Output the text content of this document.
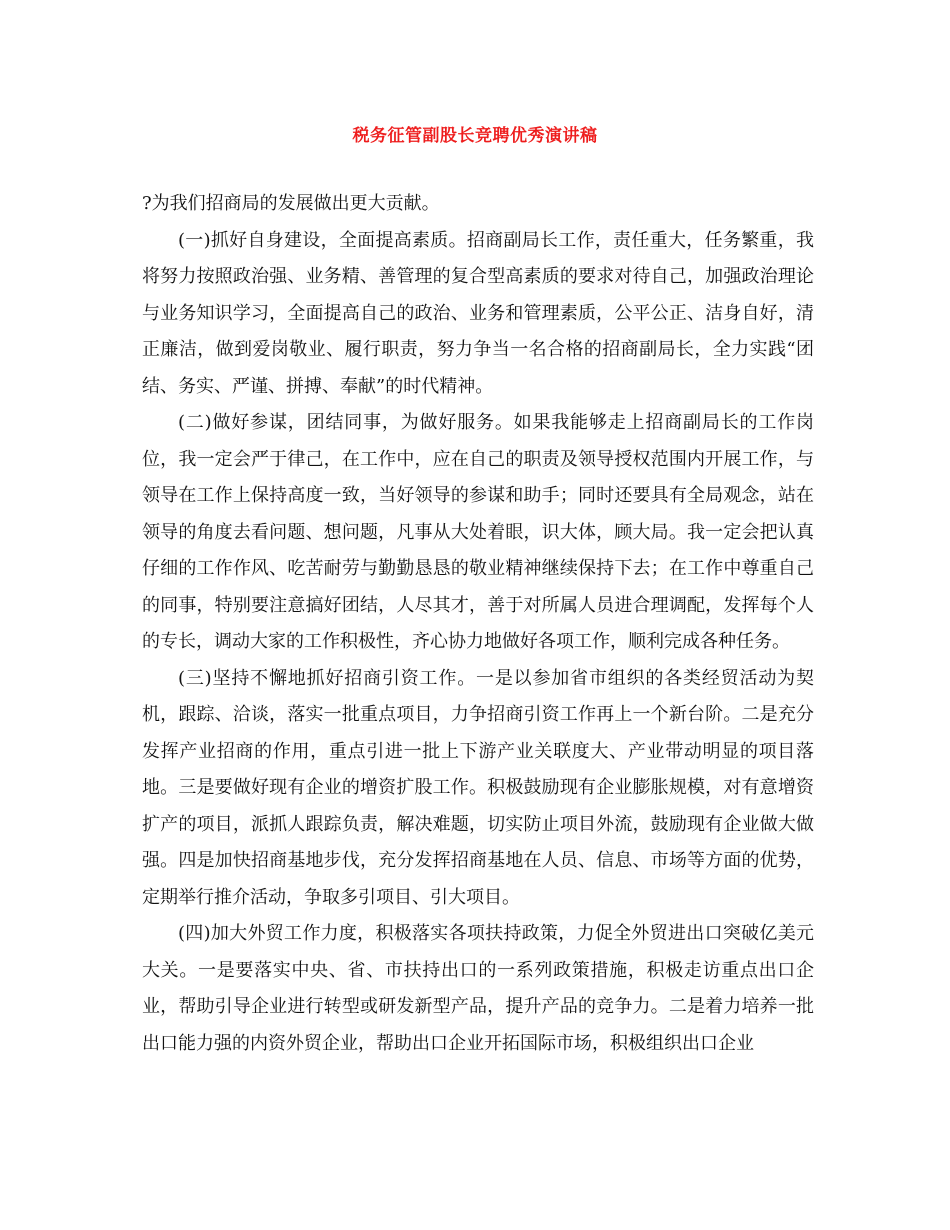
税务征管副股长竞聘优秀演讲稿

?为我们招商局的发展做出更大贡献。

(一)抓好自身建设，全面提高素质。招商副局长工作，责任重大，任务繁重，我将努力按照政治强、业务精、善管理的复合型高素质的要求对待自己，加强政治理论与业务知识学习，全面提高自己的政治、业务和管理素质，公平公正、洁身自好，清正廉洁，做到爱岗敬业、履行职责，努力争当一名合格的招商副局长，全力实践“团结、务实、严谨、拼搏、奉献”的时代精神。

(二)做好参谋，团结同事，为做好服务。如果我能够走上招商副局长的工作岗位，我一定会严于律己，在工作中，应在自己的职责及领导授权范围内开展工作，与领导在工作上保持高度一致，当好领导的参谋和助手；同时还要具有全局观念，站在领导的角度去看问题、想问题，凡事从大处着眼，识大体，顾大局。我一定会把认真仔细的工作作风、吃苦耐劳与勤勤恳恳的敬业精神继续保持下去；在工作中尊重自己的同事，特别要注意搞好团结，人尽其才，善于对所属人员进合理调配，发挥每个人的专长，调动大家的工作积极性，齐心协力地做好各项工作，顺利完成各种任务。

(三)坚持不懈地抓好招商引资工作。一是以参加省市组织的各类经贸活动为契机，跟踪、洽谈，落实一批重点项目，力争招商引资工作再上一个新台阶。二是充分发挥产业招商的作用，重点引进一批上下游产业关联度大、产业带动明显的项目落地。三是要做好现有企业的增资扩股工作。积极鼓励现有企业膨胀规模，对有意增资扩产的项目，派抓人跟踪负责，解决难题，切实防止项目外流，鼓励现有企业做大做强。四是加快招商基地步伐，充分发挥招商基地在人员、信息、市场等方面的优势，定期举行推介活动，争取多引项目、引大项目。

(四)加大外贸工作力度，积极落实各项扶持政策，力促全外贸进出口突破亿美元大关。一是要落实中央、省、市扶持出口的一系列政策措施，积极走访重点出口企业，帮助引导企业进行转型或研发新型产品，提升产品的竞争力。二是着力培养一批出口能力强的内资外贸企业，帮助出口企业开拓国际市场，积极组织出口企业
